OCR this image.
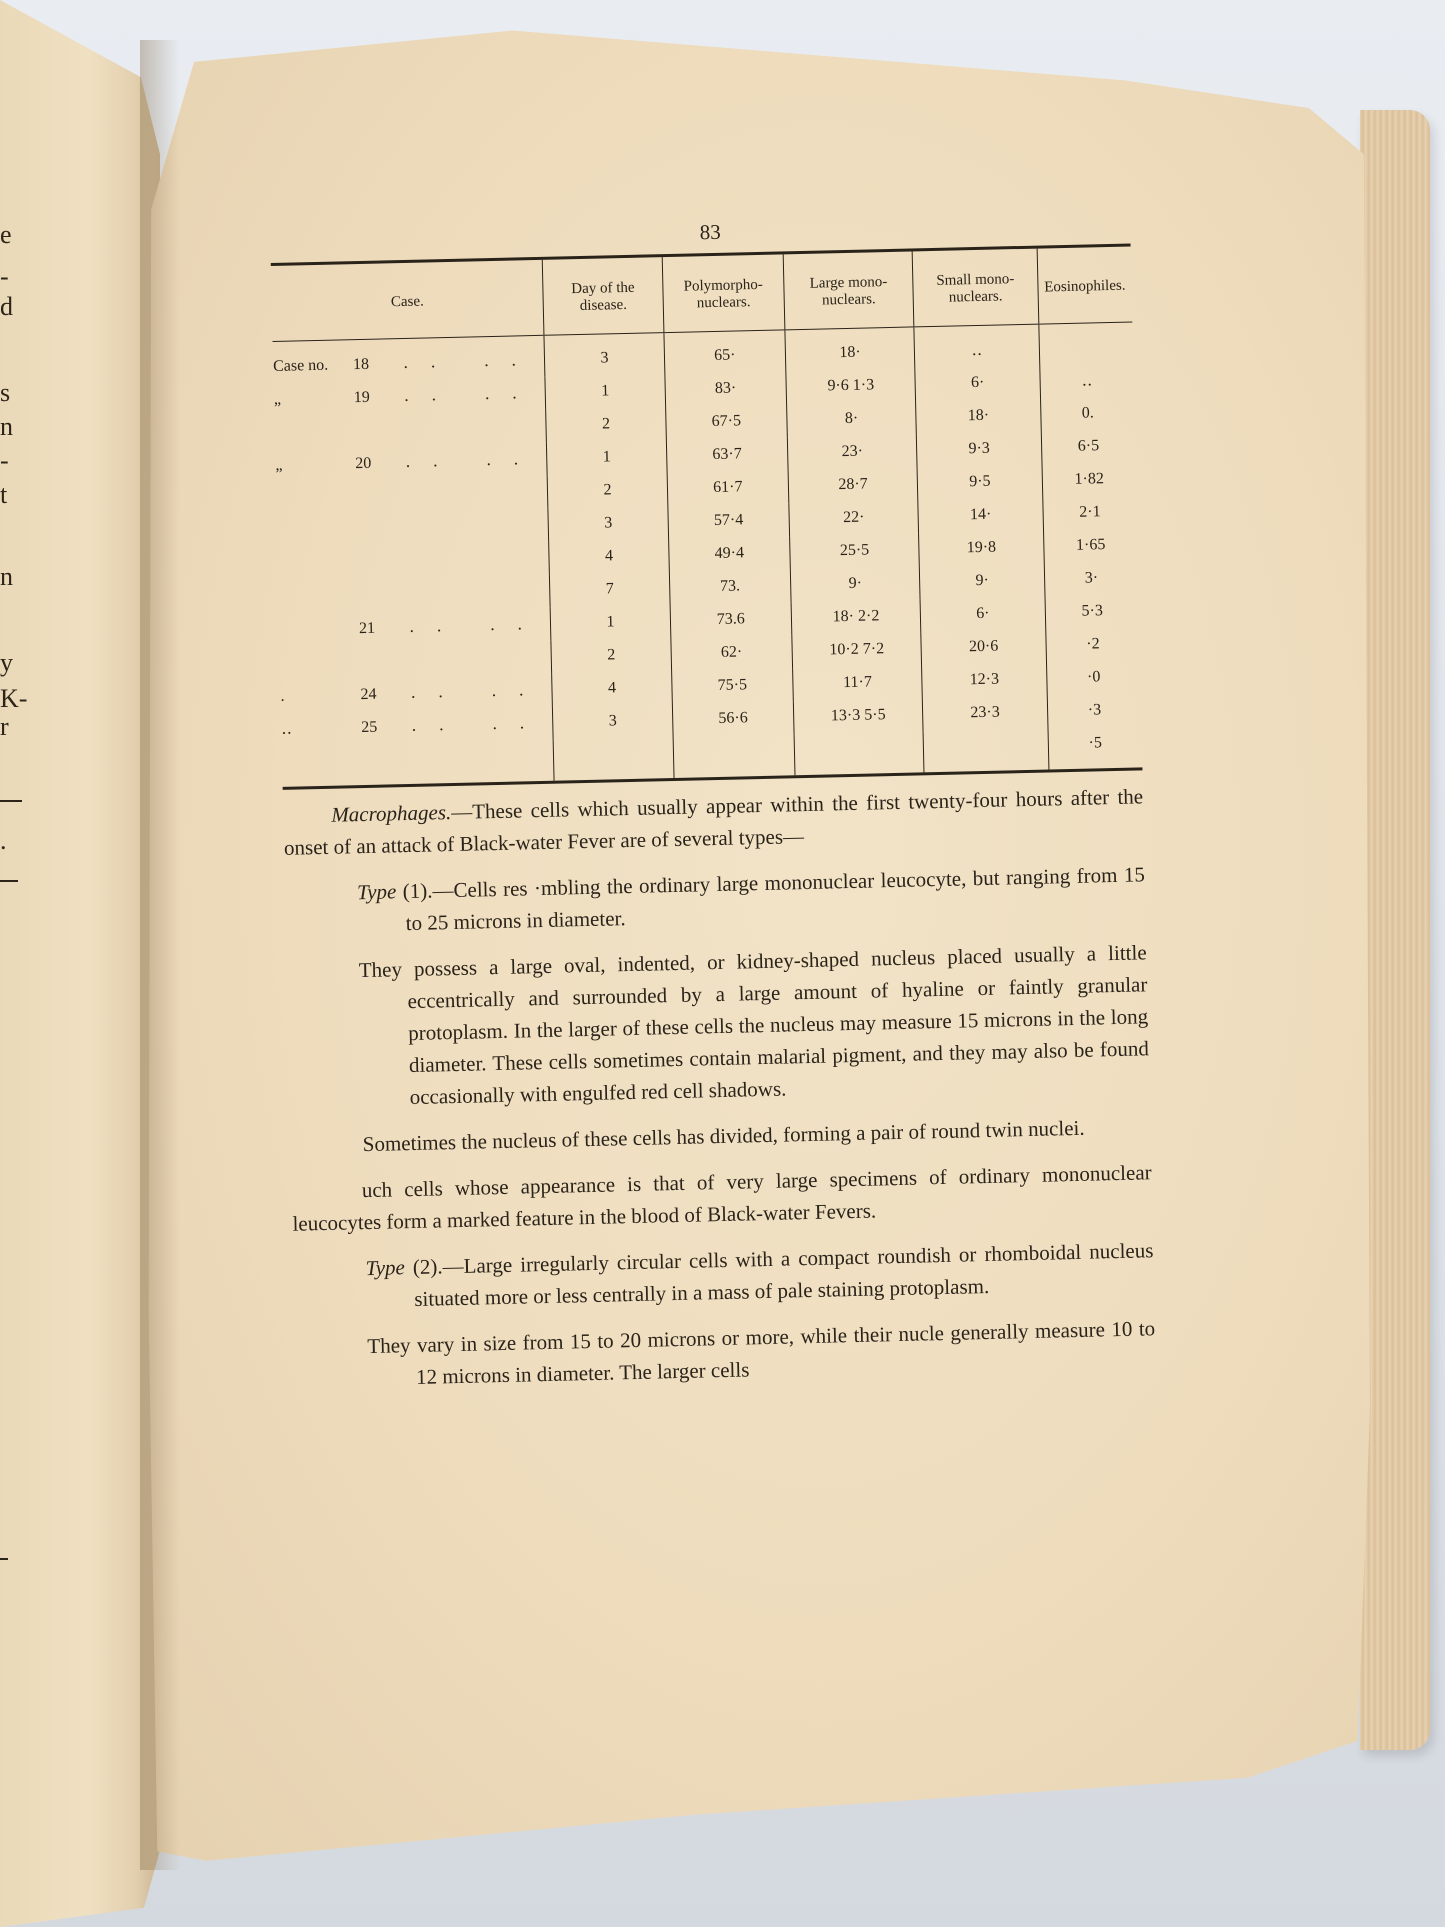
e
-
d
s
n
-
t
n
y
K-
r
.
83
Case.	Day of the disease.	Polymorpho-nuclears.	Large mono-nuclears.	Small mono-nuclears.	Eosinophiles.
Case no. 18 ․․ ․․	3	65·	18·	‥	
„ 19 ․․ ․․	1	83·	9·6 1·3	6·	‥
	2	67·5	8·	18·	0.
„ 20 ․․ ․․	1	63·7	23·	9·3	6·5
	2	61·7	28·7	9·5	1·82
	3	57·4	22·	14·	2·1
	4	49·4	25·5	19·8	1·65
	7	73.	9·	9·	3·
21 ․․ ․․	1	73.6	18· 2·2	6·	5·3
	2	62·	10·2 7·2	20·6	·2
. 24 ․․ ․․	4	75·5	11·7	12·3	·0
‥ 25 ․․ ․․	3	56·6	13·3 5·5	23·3	·3
					·5

Macrophages.—These cells which usually appear within the first twenty-four hours after the onset of an attack of Black-water Fever are of several types—

Type (1).—Cells res ·mbling the ordinary large mononuclear leucocyte, but ranging from 15 to 25 microns in diameter.

They possess a large oval, indented, or kidney-shaped nucleus placed usually a little eccentrically and surrounded by a large amount of hyaline or faintly granular protoplasm. In the larger of these cells the nucleus may measure 15 microns in the long diameter. These cells sometimes contain malarial pigment, and they may also be found occasionally with engulfed red cell shadows.

Sometimes the nucleus of these cells has divided, forming a pair of round twin nuclei.

uch cells whose appearance is that of very large specimens of ordinary mononuclear leucocytes form a marked feature in the blood of Black-water Fevers.

Type (2).—Large irregularly circular cells with a compact roundish or rhomboidal nucleus situated more or less centrally in a mass of pale staining protoplasm.

They vary in size from 15 to 20 microns or more, while their nucle generally measure 10 to 12 microns in diameter. The larger cells
